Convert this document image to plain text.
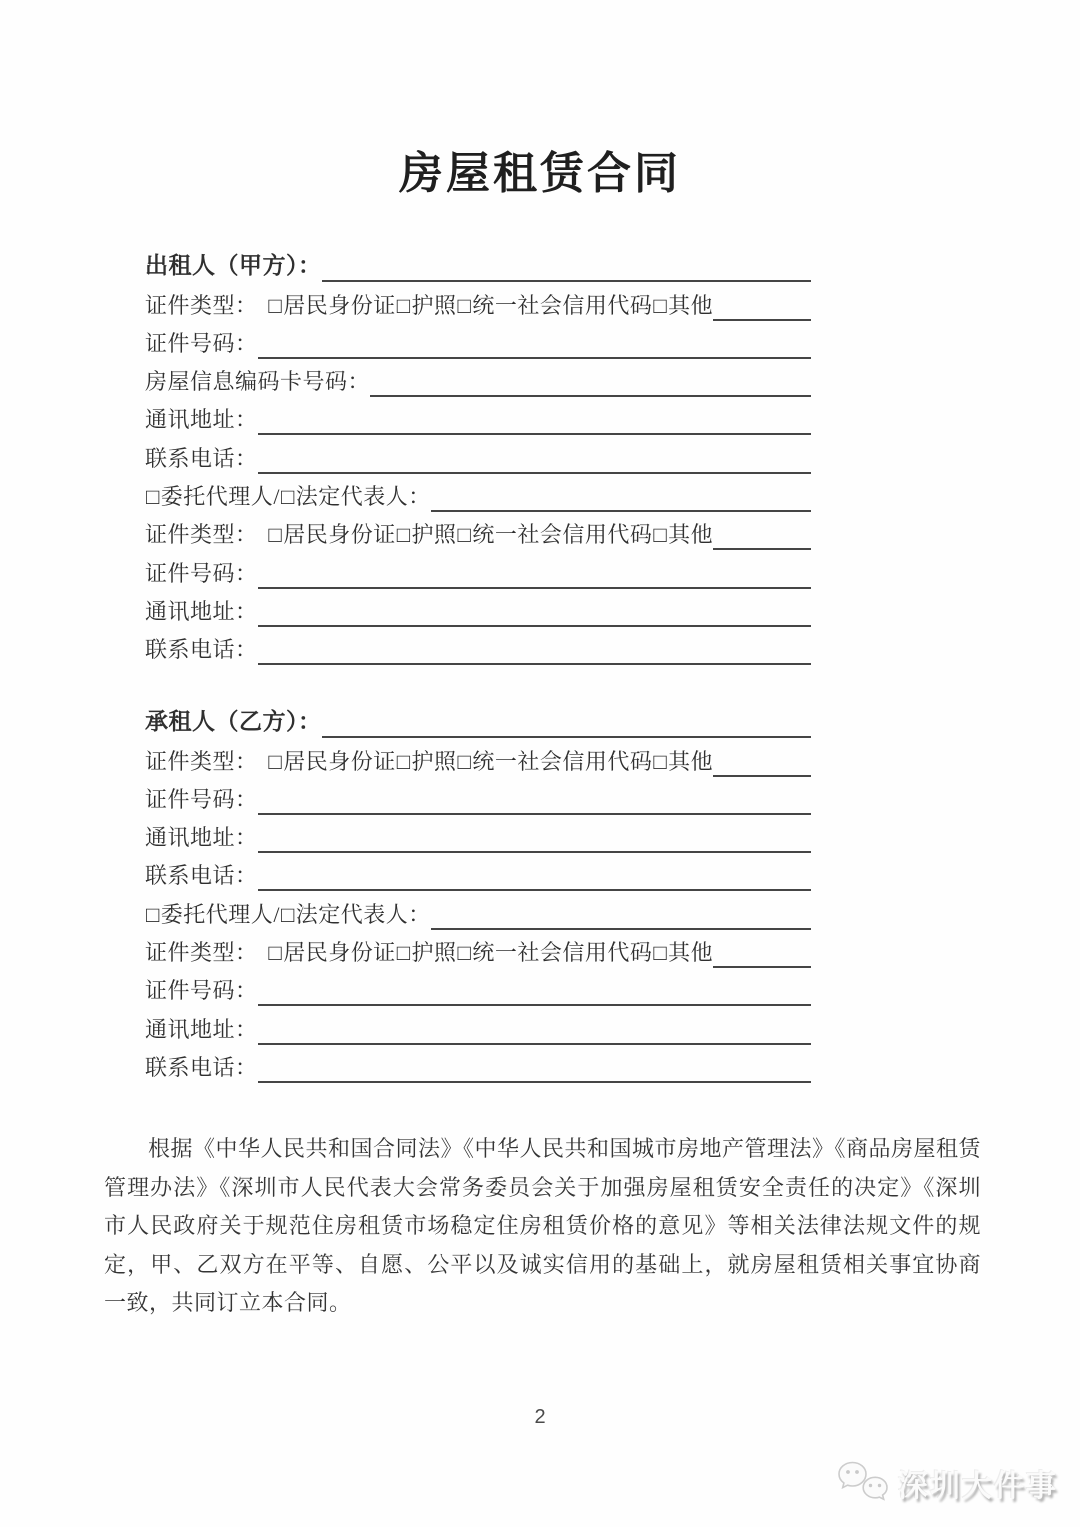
房屋租赁合同
出租人（甲方）：
证件类型： □居民身份证□护照□统一社会信用代码□其他
证件号码：
房屋信息编码卡号码：
通讯地址：
联系电话：
□委托代理人/□法定代表人：
证件类型： □居民身份证□护照□统一社会信用代码□其他
证件号码：
通讯地址：
联系电话：
承租人（乙方）：
证件类型： □居民身份证□护照□统一社会信用代码□其他
证件号码：
通讯地址：
联系电话：
□委托代理人/□法定代表人：
证件类型： □居民身份证□护照□统一社会信用代码□其他
证件号码：
通讯地址：
联系电话：

根据《中华人民共和国合同法》《中华人民共和国城市房地产管理法》《商品房屋租赁管理办法》《深圳市人民代表大会常务委员会关于加强房屋租赁安全责任的决定》《深圳市人民政府关于规范住房租赁市场稳定住房租赁价格的意见》等相关法律法规文件的规定，甲、乙双方在平等、自愿、公平以及诚实信用的基础上，就房屋租赁相关事宜协商一致，共同订立本合同。

2
深圳大件事
